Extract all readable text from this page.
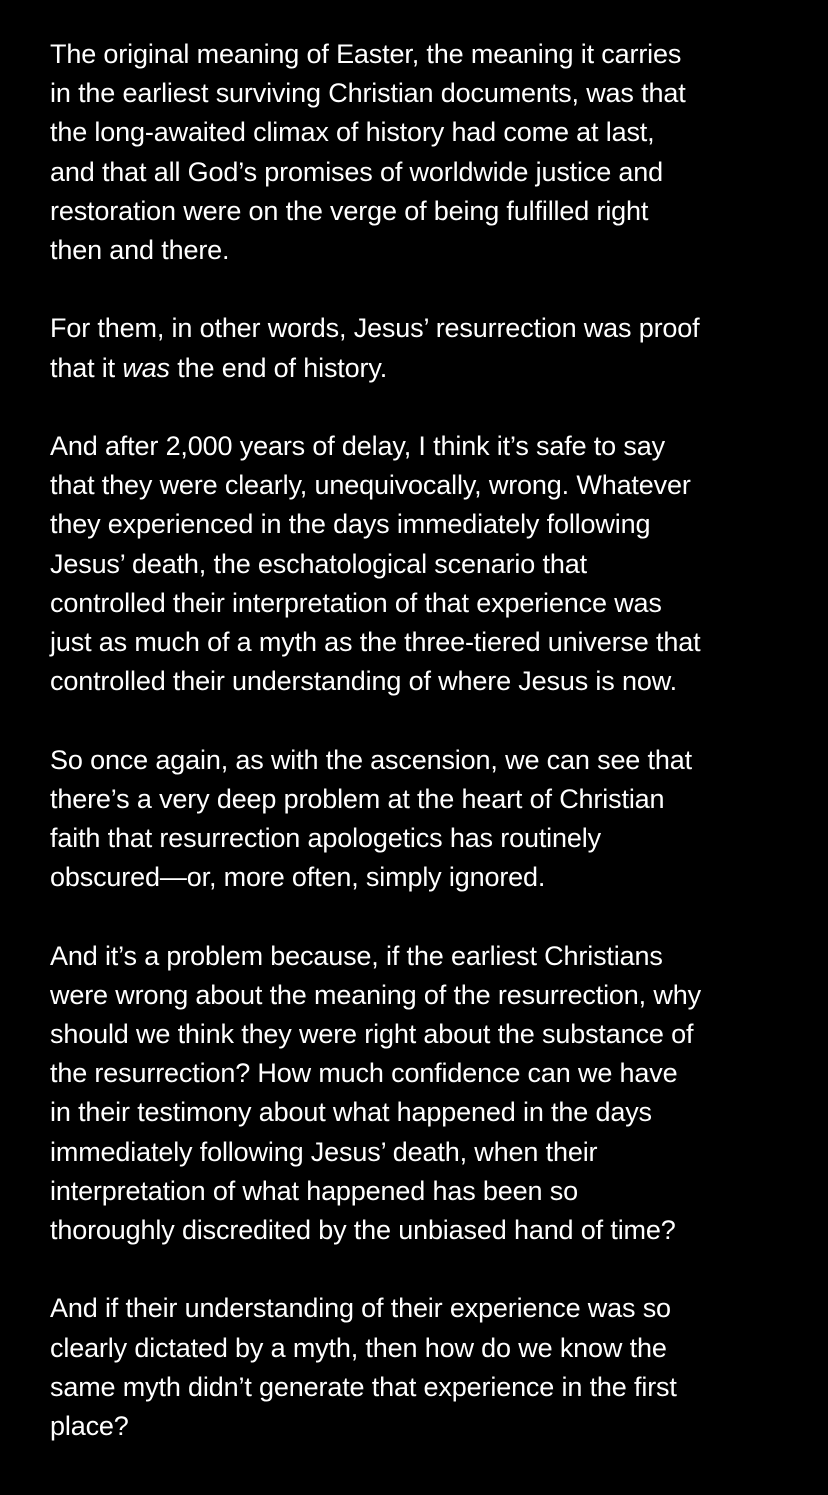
The original meaning of Easter, the meaning it carries
in the earliest surviving Christian documents, was that
the long-awaited climax of history had come at last,
and that all God’s promises of worldwide justice and
restoration were on the verge of being fulfilled right
then and there.

For them, in other words, Jesus’ resurrection was proof
that it was the end of history.

And after 2,000 years of delay, I think it’s safe to say
that they were clearly, unequivocally, wrong. Whatever
they experienced in the days immediately following
Jesus’ death, the eschatological scenario that
controlled their interpretation of that experience was
just as much of a myth as the three-tiered universe that
controlled their understanding of where Jesus is now.

So once again, as with the ascension, we can see that
there’s a very deep problem at the heart of Christian
faith that resurrection apologetics has routinely
obscured—or, more often, simply ignored.

And it’s a problem because, if the earliest Christians
were wrong about the meaning of the resurrection, why
should we think they were right about the substance of
the resurrection? How much confidence can we have
in their testimony about what happened in the days
immediately following Jesus’ death, when their
interpretation of what happened has been so
thoroughly discredited by the unbiased hand of time?

And if their understanding of their experience was so
clearly dictated by a myth, then how do we know the
same myth didn’t generate that experience in the first
place?
